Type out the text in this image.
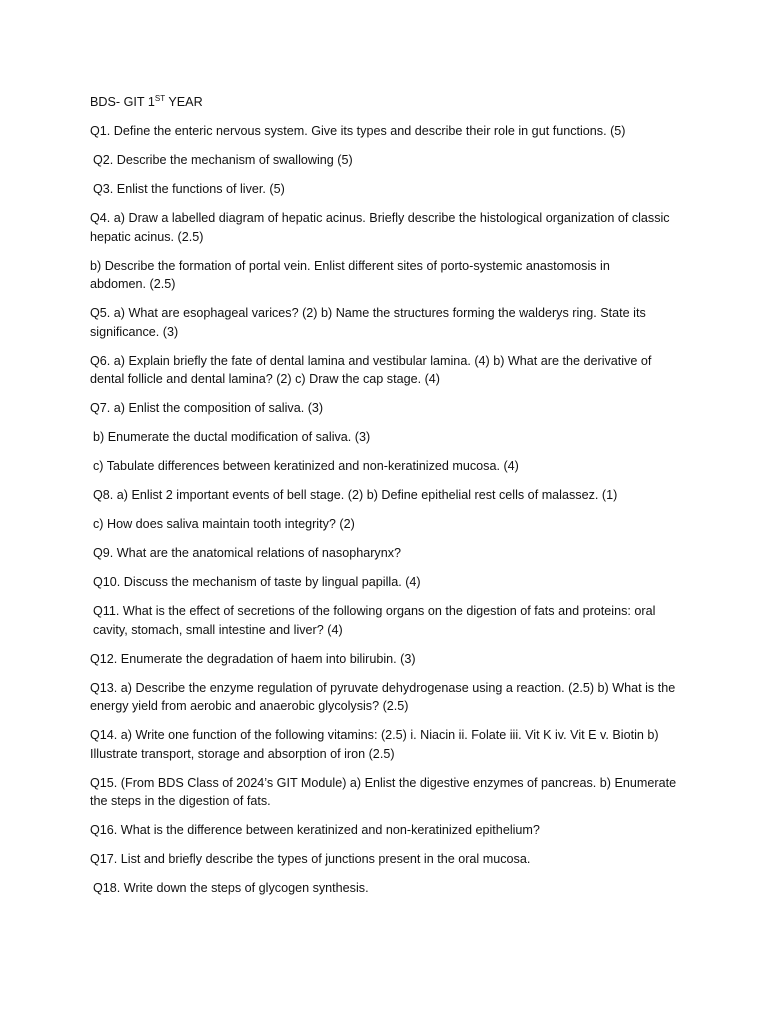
BDS- GIT 1ST YEAR
Q1. Define the enteric nervous system. Give its types and describe their role in gut functions. (5)
Q2. Describe the mechanism of swallowing (5)
Q3. Enlist the functions of liver. (5)
Q4. a) Draw a labelled diagram of hepatic acinus. Briefly describe the histological organization of classic
hepatic acinus. (2.5)
b) Describe the formation of portal vein. Enlist different sites of porto-systemic anastomosis in
abdomen. (2.5)
Q5. a) What are esophageal varices? (2) b) Name the structures forming the walderys ring. State its
significance. (3)
Q6. a) Explain briefly the fate of dental lamina and vestibular lamina. (4) b) What are the derivative of
dental follicle and dental lamina? (2) c) Draw the cap stage. (4)
Q7. a) Enlist the composition of saliva. (3)
b) Enumerate the ductal modification of saliva. (3)
c) Tabulate differences between keratinized and non-keratinized mucosa. (4)
Q8. a) Enlist 2 important events of bell stage. (2) b) Define epithelial rest cells of malassez. (1)
c) How does saliva maintain tooth integrity? (2)
Q9. What are the anatomical relations of nasopharynx?
Q10. Discuss the mechanism of taste by lingual papilla. (4)
Q11. What is the effect of secretions of the following organs on the digestion of fats and proteins: oral
cavity, stomach, small intestine and liver? (4)
Q12. Enumerate the degradation of haem into bilirubin. (3)
Q13. a) Describe the enzyme regulation of pyruvate dehydrogenase using a reaction. (2.5) b) What is the
energy yield from aerobic and anaerobic glycolysis? (2.5)
Q14. a) Write one function of the following vitamins: (2.5) i. Niacin ii. Folate iii. Vit K iv. Vit E v. Biotin b)
Illustrate transport, storage and absorption of iron (2.5)
Q15. (From BDS Class of 2024’s GIT Module) a) Enlist the digestive enzymes of pancreas. b) Enumerate
the steps in the digestion of fats.
Q16. What is the difference between keratinized and non-keratinized epithelium?
Q17. List and briefly describe the types of junctions present in the oral mucosa.
Q18. Write down the steps of glycogen synthesis.
